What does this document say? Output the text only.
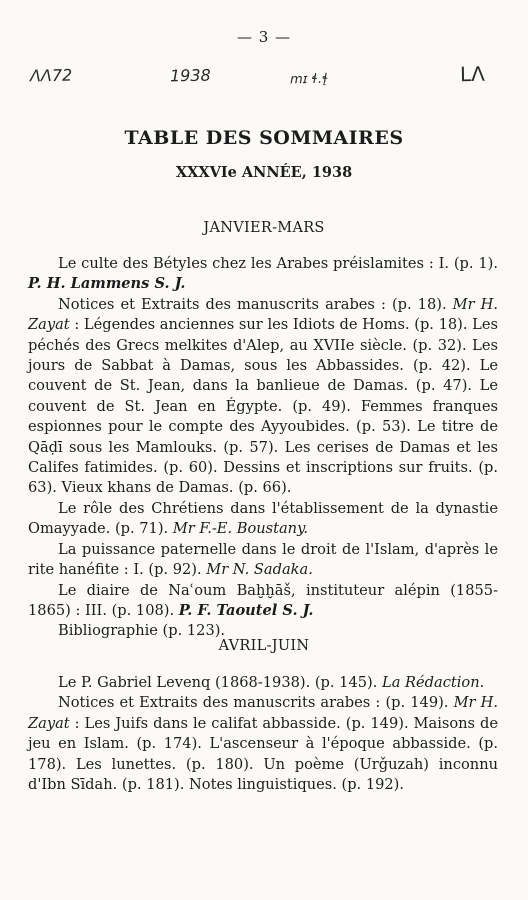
— 3 —
ΛΛ72	1938	mɪ ɬ.ɬ̨	LΛ
TABLE DES SOMMAIRES
XXXVIe ANNÉE, 1938
JANVIER-MARS

Le culte des Bétyles chez les Arabes préislamites : I. (p. 1). P. H. Lammens S. J.

Notices et Extraits des manuscrits arabes : (p. 18). Mr H. Zayat : Légendes anciennes sur les Idiots de Homs. (p. 18). Les péchés des Grecs melkites d'Alep, au XVIIe siècle. (p. 32). Les jours de Sabbat à Damas, sous les Abbassides. (p. 42). Le couvent de St. Jean, dans la banlieue de Damas. (p. 47). Le couvent de St. Jean en Égypte. (p. 49). Femmes franques espionnes pour le compte des Ayyoubides. (p. 53). Le titre de Qāḍī sous les Mamlouks. (p. 57). Les cerises de Damas et les Califes fatimides. (p. 60). Dessins et inscriptions sur fruits. (p. 63). Vieux khans de Damas. (p. 66).

Le rôle des Chrétiens dans l'établissement de la dynastie Omayyade. (p. 71). Mr F.-E. Boustany.

La puissance paternelle dans le droit de l'Islam, d'après le rite hanéfite : I. (p. 92). Mr N. Sadaka.

Le diaire de Naʿoum Baḫḫāš, instituteur alépin (1855-1865) : III. (p. 108). P. F. Taoutel S. J.

Bibliographie (p. 123).

AVRIL-JUIN

Le P. Gabriel Levenq (1868-1938). (p. 145). La Rédaction.

Notices et Extraits des manuscrits arabes : (p. 149). Mr H. Zayat : Les Juifs dans le califat abbasside. (p. 149). Maisons de jeu en Islam. (p. 174). L'ascenseur à l'époque abbasside. (p. 178). Les lunettes. (p. 180). Un poème (Urǧuzah) inconnu d'Ibn Sīdah. (p. 181). Notes linguistiques. (p. 192).
